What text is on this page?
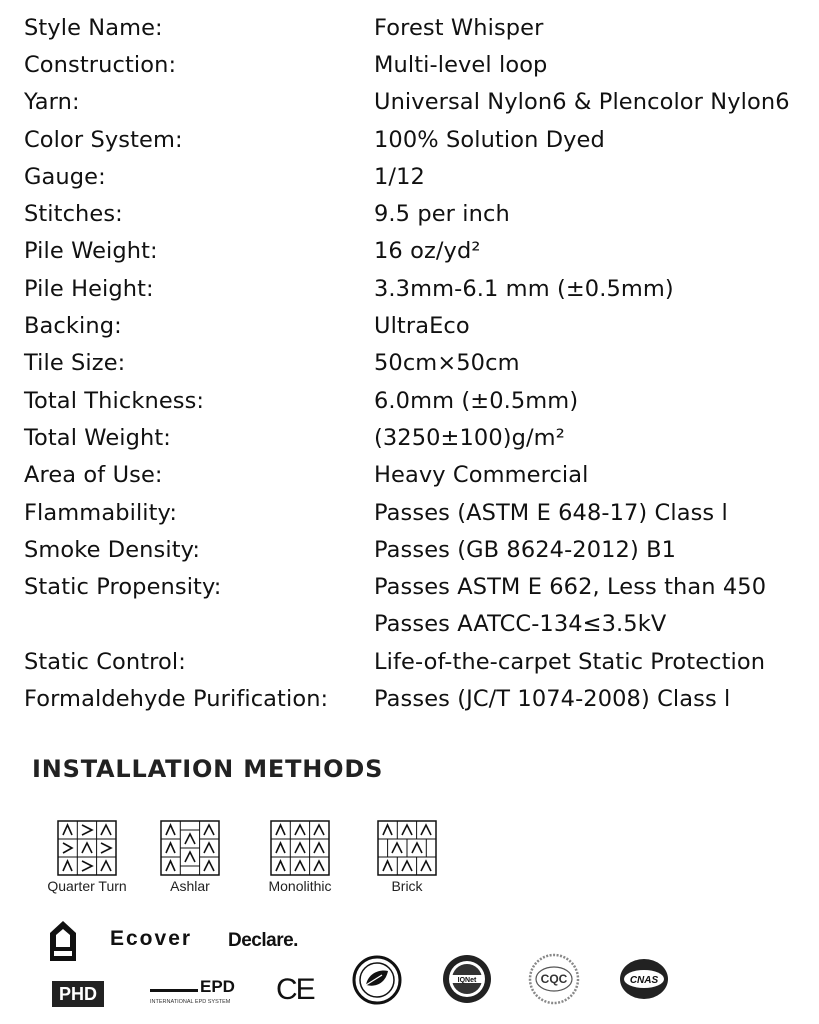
Style Name:	Forest Whisper
Construction:	Multi-level loop
Yarn:	Universal Nylon6 & Plencolor Nylon6
Color System:	100% Solution Dyed
Gauge:	1/12
Stitches:	9.5 per inch
Pile Weight:	16 oz/yd²
Pile Height:	3.3mm-6.1 mm (±0.5mm)
Backing:	UltraEco
Tile Size:	50cm×50cm
Total Thickness:	6.0mm (±0.5mm)
Total Weight:	(3250±100)g/m²
Area of Use:	Heavy Commercial
Flammability:	Passes (ASTM E 648-17) Class l
Smoke Density:	Passes (GB 8624-2012) B1
Static Propensity:	Passes ASTM E 662, Less than 450
Passes AATCC-134≤3.5kV
Static Control:	Life-of-the-carpet Static Protection
Formaldehyde Purification:	Passes (JC/T 1074-2008) Class l
INSTALLATION METHODS
Quarter Turn	Ashlar	Monolithic	Brick
Ecover Declare.
PHD	EPD
INTERNATIONAL EPD SYSTEM CE	IQNet	CQC	CNAS
